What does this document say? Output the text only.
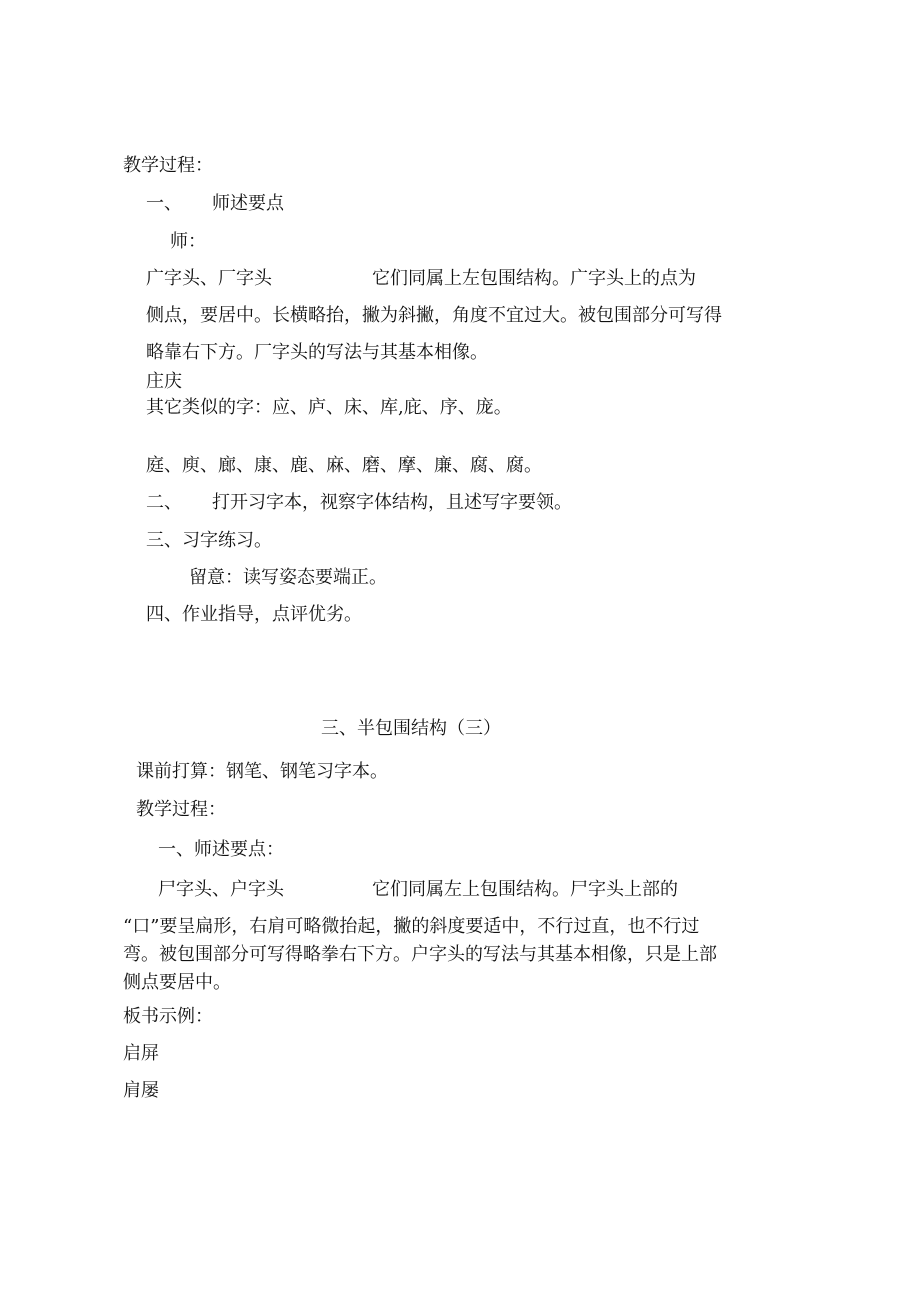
教学过程：
一、 师述要点
师：
广字头、厂字头	它们同属上左包围结构。广字头上的点为
侧点，要居中。长横略抬，撇为斜撇，角度不宜过大。被包围部分可写得
略靠右下方。厂字头的写法与其基本相像。
庄庆
其它类似的字：应、庐、床、库,庇、序、庞。
庭、庾、廊、康、鹿、麻、磨、摩、廉、腐、腐。
二、 打开习字本，视察字体结构，且述写字要领。
三、习字练习。
留意：读写姿态要端正。
四、作业指导，点评优劣。
三、半包围结构（三）
课前打算：钢笔、钢笔习字本。
教学过程：
一、师述要点：
尸字头、户字头	它们同属左上包围结构。尸字头上部的
“口”要呈扁形，右肩可略微抬起，撇的斜度要适中，不行过直，也不行过
弯。被包围部分可写得略拳右下方。户字头的写法与其基本相像，只是上部
侧点要居中。
板书示例：
启屏
肩屡
